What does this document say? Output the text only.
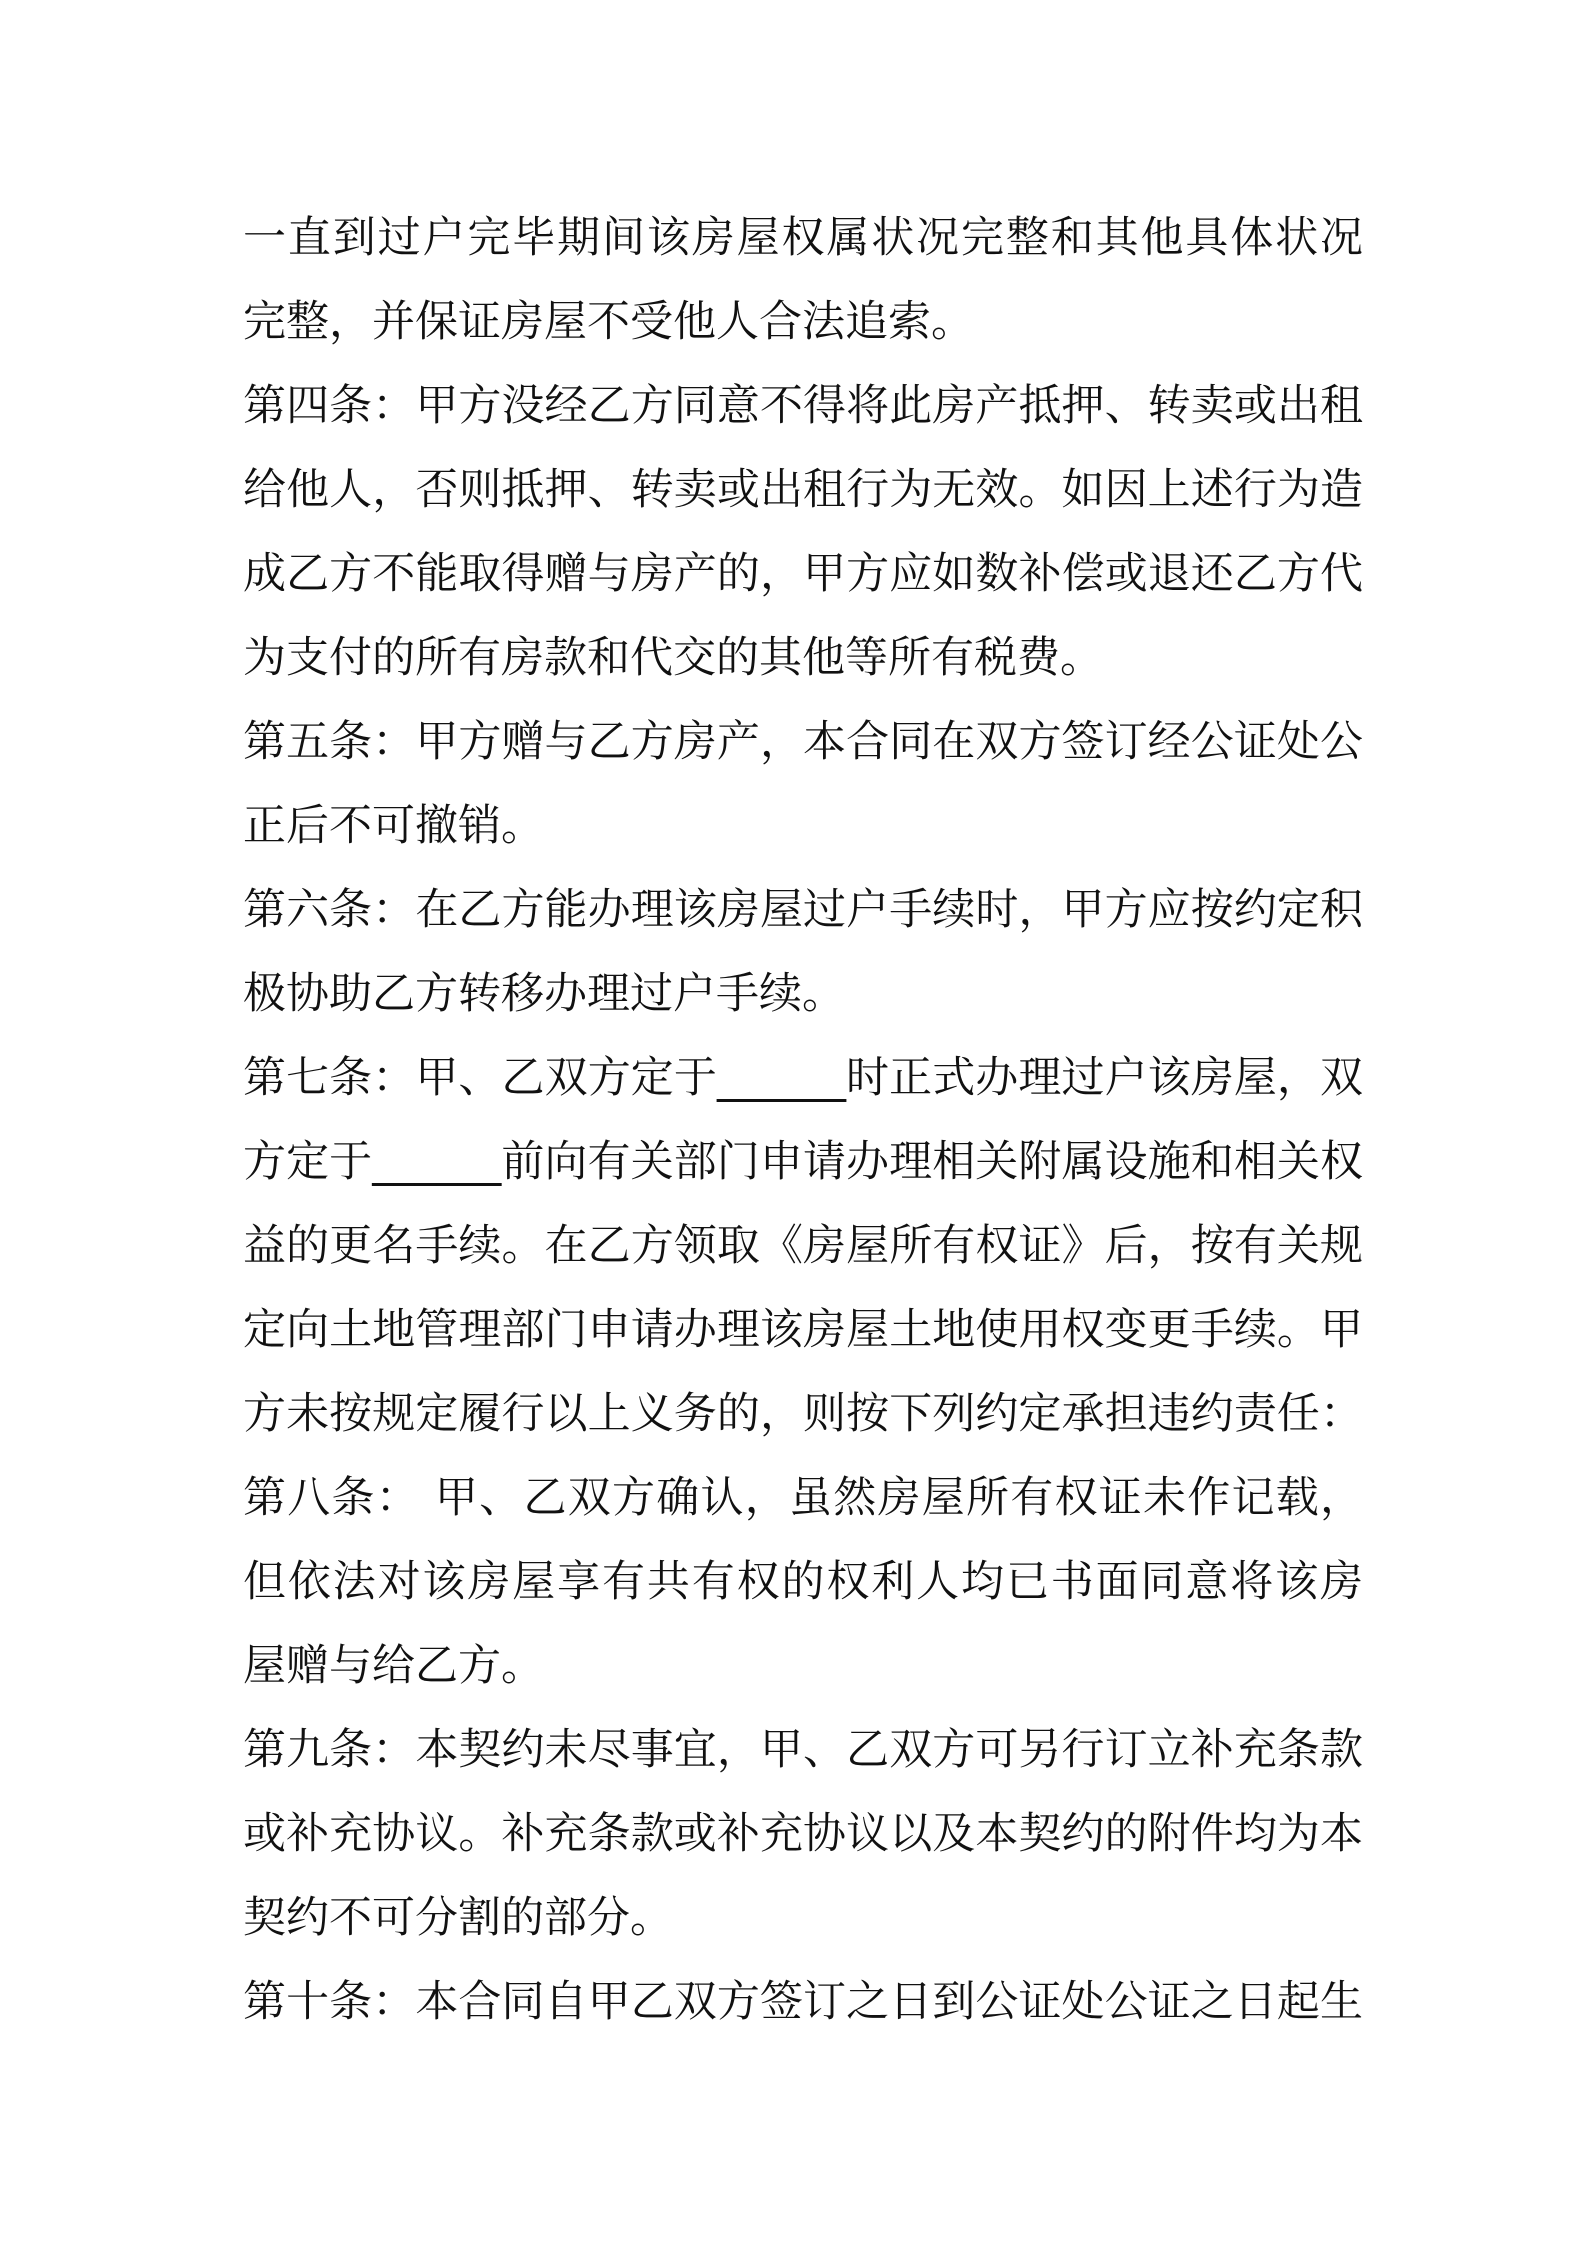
一直到过户完毕期间该房屋权属状况完整和其他具体状况
完整，并保证房屋不受他人合法追索。
第四条：甲方没经乙方同意不得将此房产抵押、转卖或出租
给他人，否则抵押、转卖或出租行为无效。如因上述行为造
成乙方不能取得赠与房产的，甲方应如数补偿或退还乙方代
为支付的所有房款和代交的其他等所有税费。
第五条：甲方赠与乙方房产，本合同在双方签订经公证处公
正后不可撤销。
第六条：在乙方能办理该房屋过户手续时，甲方应按约定积
极协助乙方转移办理过户手续。
第七条：甲、乙双方定于______时正式办理过户该房屋，双
方定于______前向有关部门申请办理相关附属设施和相关权
益的更名手续。在乙方领取《房屋所有权证》后，按有关规
定向土地管理部门申请办理该房屋土地使用权变更手续。甲
方未按规定履行以上义务的，则按下列约定承担违约责任：
第八条： 甲、乙双方确认，虽然房屋所有权证未作记载，
但依法对该房屋享有共有权的权利人均已书面同意将该房
屋赠与给乙方。
第九条：本契约未尽事宜，甲、乙双方可另行订立补充条款
或补充协议。补充条款或补充协议以及本契约的附件均为本
契约不可分割的部分。
第十条：本合同自甲乙双方签订之日到公证处公证之日起生
